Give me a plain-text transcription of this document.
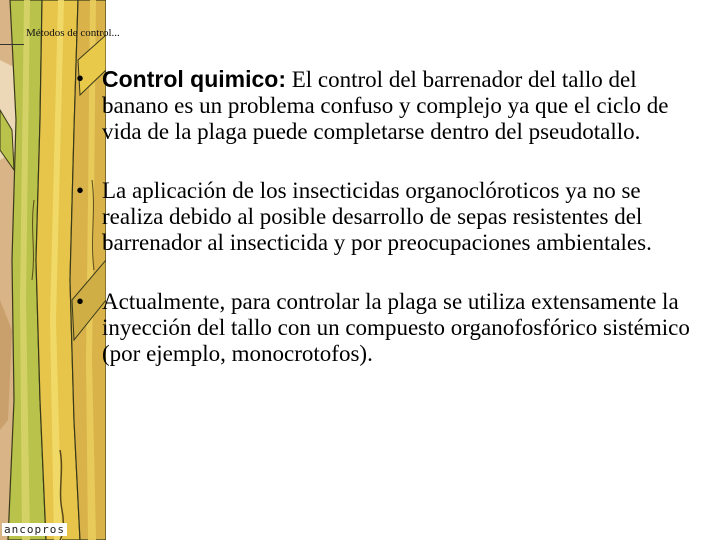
Métodos de control...
ancopros
• Control quimico: El control del barrenador del tallo del banano es un problema confuso y complejo ya que el ciclo de vida de la plaga puede completarse dentro del pseudotallo.
• La aplicación de los insecticidas organoclóroticos ya no se realiza debido al posible desarrollo de sepas resistentes del barrenador al insecticida y por preocupaciones ambientales.
• Actualmente, para controlar la plaga se utiliza extensamente la inyección del tallo con un compuesto organofosfórico sistémico (por ejemplo, monocrotofos).
